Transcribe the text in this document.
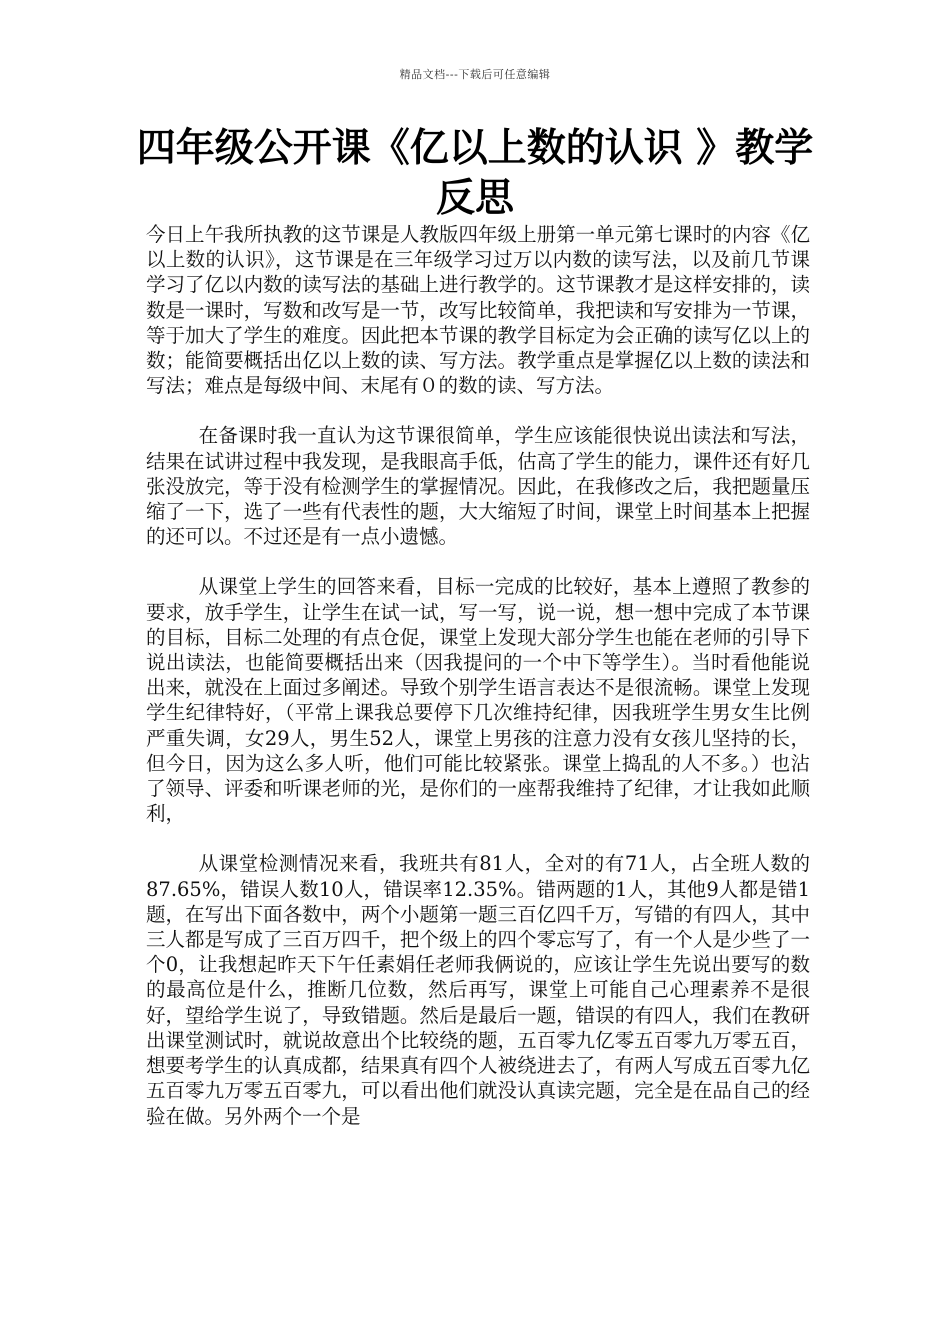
精品文档---下载后可任意编辑
四年级公开课《亿以上数的认识 》教学反思

今日上午我所执教的这节课是人教版四年级上册第一单元第七课时的内容《亿以上数的认识》，这节课是在三年级学习过万以内数的读写法，以及前几节课学习了亿以内数的读写法的基础上进行教学的。这节课教才是这样安排的，读数是一课时，写数和改写是一节，改写比较简单，我把读和写安排为一节课，等于加大了学生的难度。因此把本节课的教学目标定为会正确的读写亿以上的数；能简要概括出亿以上数的读、写方法。教学重点是掌握亿以上数的读法和写法；难点是每级中间、末尾有０的数的读、写方法。

在备课时我一直认为这节课很简单，学生应该能很快说出读法和写法，结果在试讲过程中我发现，是我眼高手低，估高了学生的能力，课件还有好几张没放完，等于没有检测学生的掌握情况。因此，在我修改之后，我把题量压缩了一下，选了一些有代表性的题，大大缩短了时间，课堂上时间基本上把握的还可以。不过还是有一点小遗憾。

从课堂上学生的回答来看，目标一完成的比较好，基本上遵照了教参的要求，放手学生，让学生在试一试，写一写，说一说，想一想中完成了本节课的目标，目标二处理的有点仓促，课堂上发现大部分学生也能在老师的引导下说出读法，也能简要概括出来（因我提问的一个中下等学生）。当时看他能说出来，就没在上面过多阐述。导致个别学生语言表达不是很流畅。课堂上发现学生纪律特好，（平常上课我总要停下几次维持纪律，因我班学生男女生比例严重失调，女29人，男生52人，课堂上男孩的注意力没有女孩儿坚持的长，但今日，因为这么多人听，他们可能比较紧张。课堂上捣乱的人不多。）也沾了领导、评委和听课老师的光，是你们的一座帮我维持了纪律，才让我如此顺利，

从课堂检测情况来看，我班共有81人，全对的有71人，占全班人数的87.65%，错误人数10人，错误率12.35%。错两题的1人，其他9人都是错1题，在写出下面各数中，两个小题第一题三百亿四千万，写错的有四人，其中三人都是写成了三百万四千，把个级上的四个零忘写了，有一个人是少些了一个0，让我想起昨天下午任素娟任老师我俩说的，应该让学生先说出要写的数的最高位是什么，推断几位数，然后再写，课堂上可能自己心理素养不是很好，望给学生说了，导致错题。然后是最后一题，错误的有四人，我们在教研出课堂测试时，就说故意出个比较绕的题，五百零九亿零五百零九万零五百，想要考学生的认真成都，结果真有四个人被绕进去了，有两人写成五百零九亿五百零九万零五百零九，可以看出他们就没认真读完题，完全是在品自己的经验在做。另外两个一个是
